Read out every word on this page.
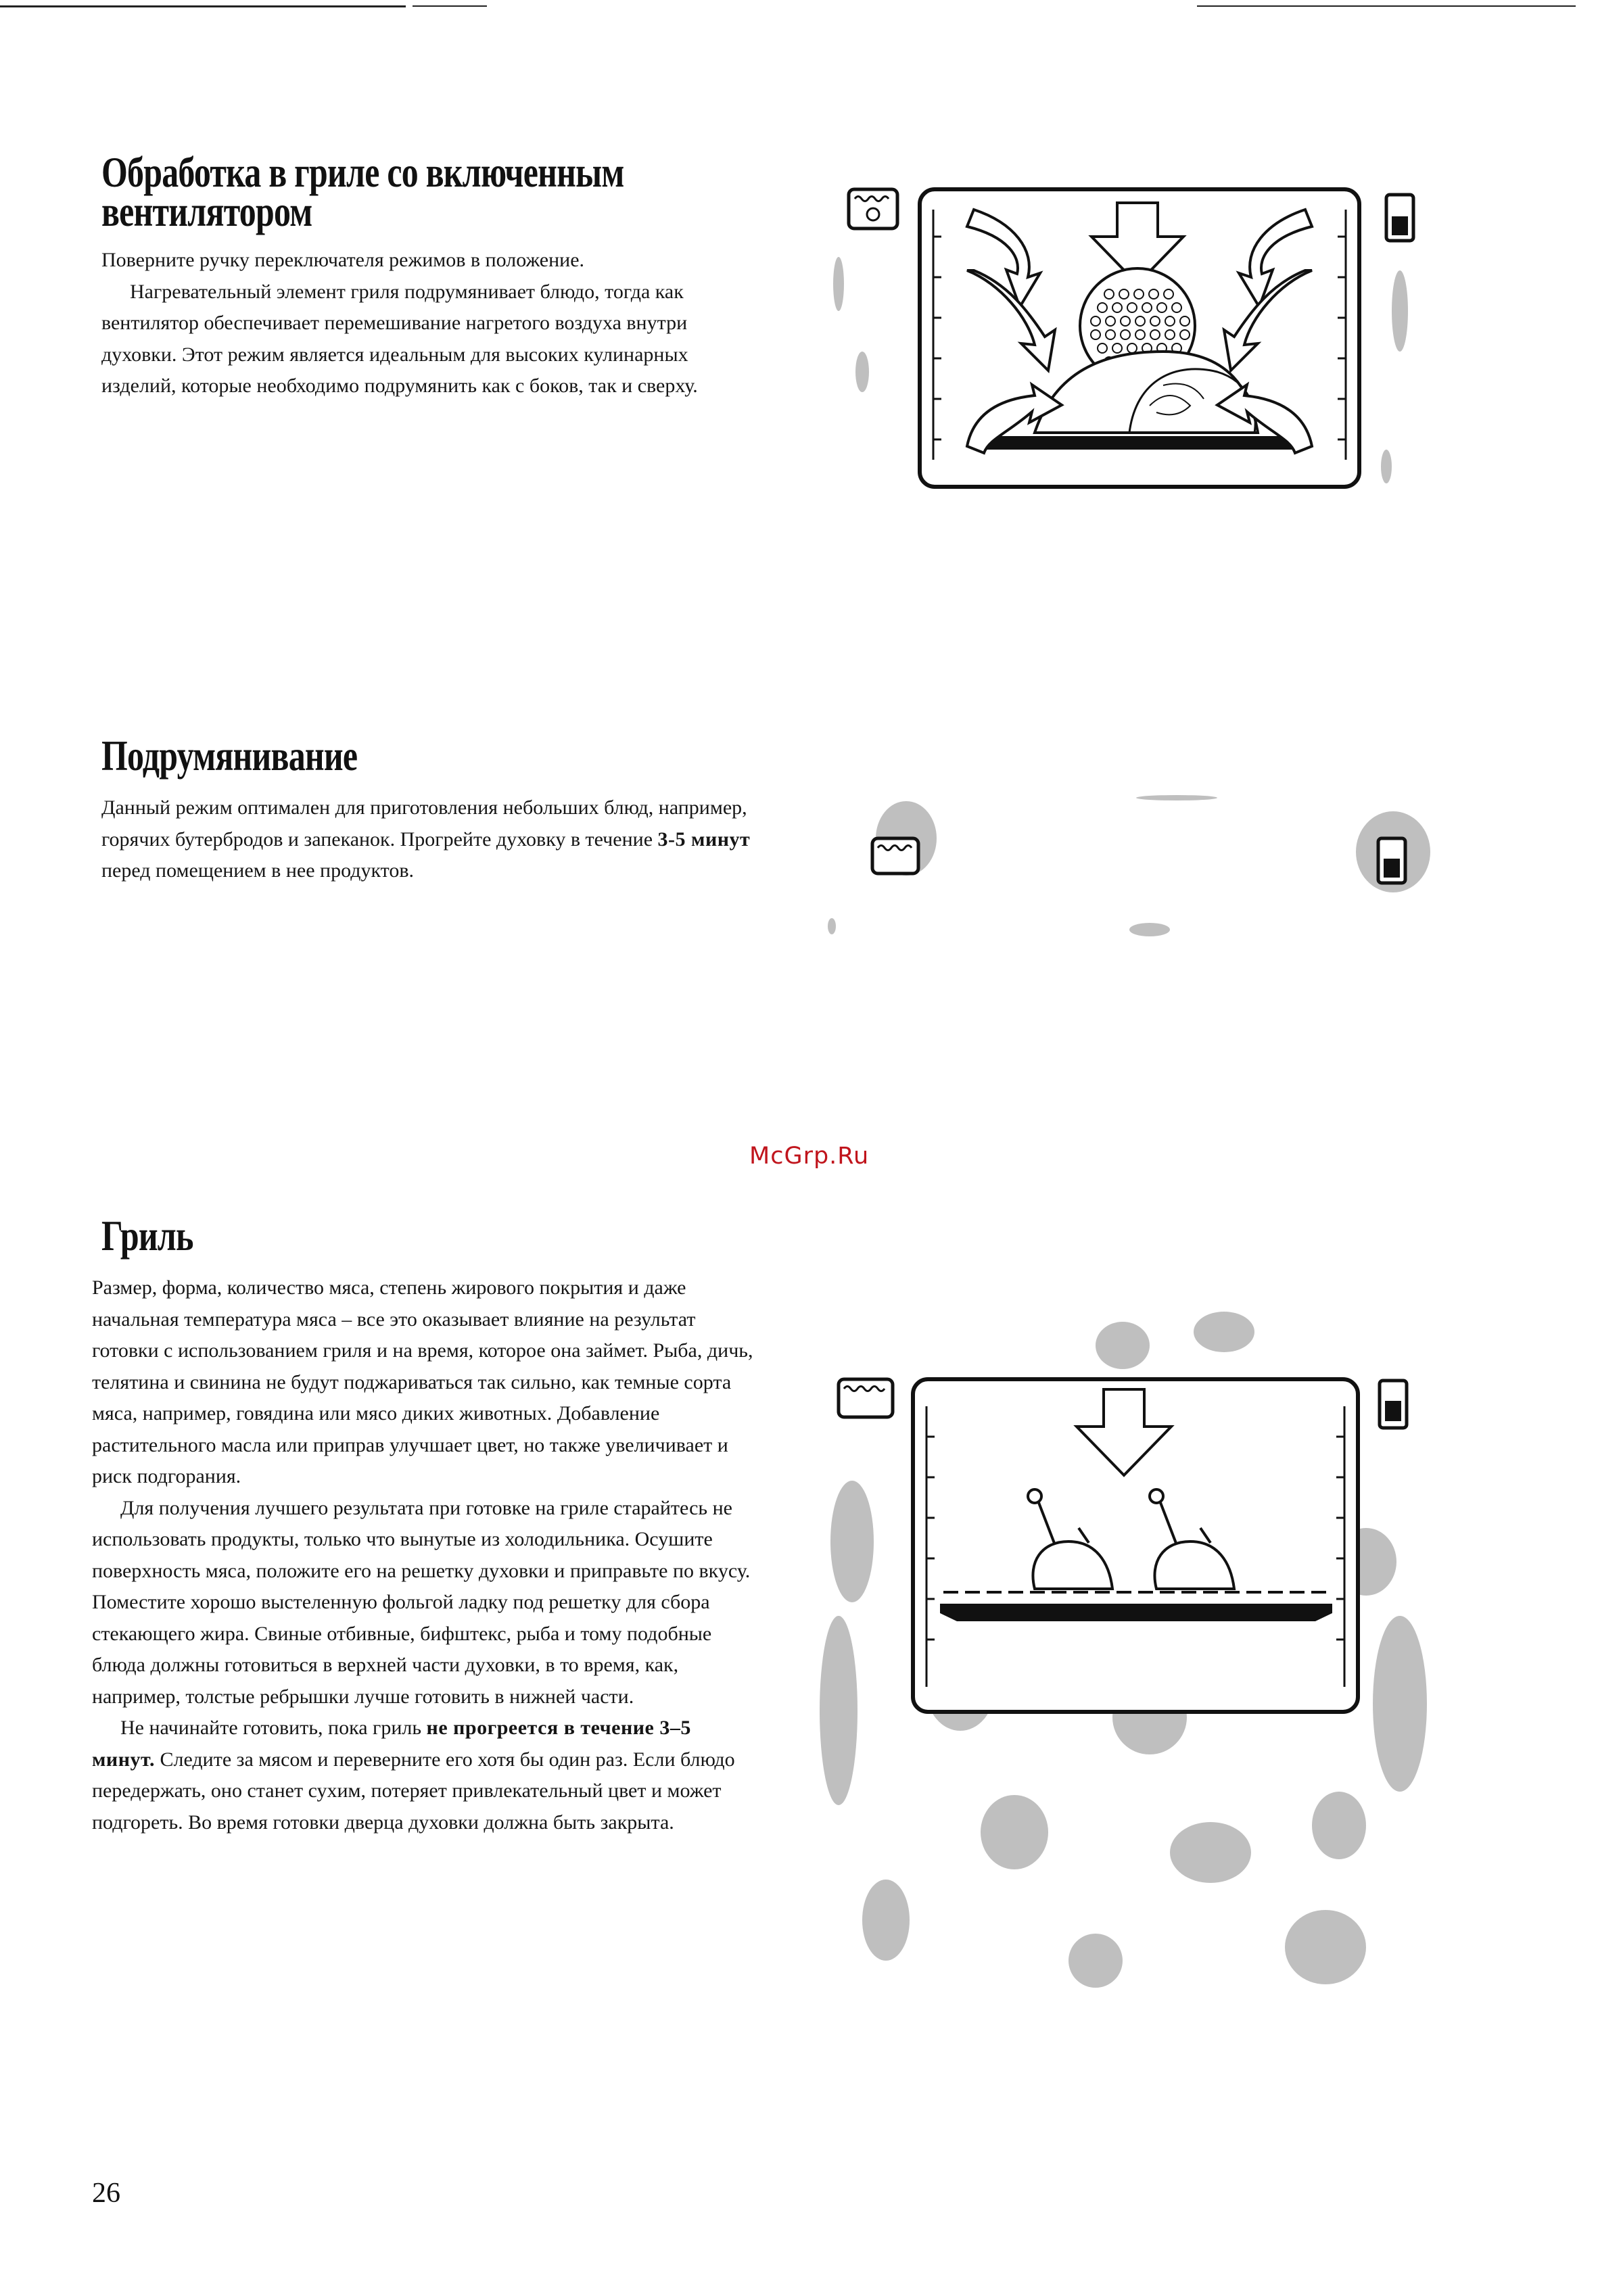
Обработка в гриле со включенным
вентилятором

Поверните ручку переключателя режимов в положение.

Нагревательный элемент гриля подрумянивает блюдо, тогда как вентилятор обеспечивает перемешивание нагретого воздуха внутри духовки. Этот режим является идеальным для высоких кулинарных изделий, которые необходимо подрумянить как с боков, так и сверху.

Подрумянивание

Данный режим оптимален для приготовления небольших блюд, например, горячих бутербродов и запеканок. Прогрейте духовку в течение 3-5 минут перед помещением в нее продуктов.

McGrp.Ru
Гриль

Размер, форма, количество мяса, степень жирового покрытия и даже начальная температура мяса – все это оказывает влияние на результат готовки с использованием гриля и на время, которое она займет. Рыба, дичь, телятина и свинина не будут поджариваться так сильно, как темные сорта мяса, например, говядина или мясо диких животных. Добавление растительного масла или приправ улучшает цвет, но также увеличивает и риск подгорания.

Для получения лучшего результата при готовке на гриле старайтесь не использовать продукты, только что вынутые из холодильника. Осушите поверхность мяса, положите его на решетку духовки и приправьте по вкусу. Поместите хорошо выстеленную фольгой ладку под решетку для сбора стекающего жира. Свиные отбивные, бифштекс, рыба и тому подобные блюда должны готовиться в верхней части духовки, в то время, как, например, толстые ребрышки лучше готовить в нижней части.

Не начинайте готовить, пока гриль не прогреется в течение 3–5 минут. Следите за мясом и переверните его хотя бы один раз. Если блюдо передержать, оно станет сухим, потеряет привлекательный цвет и может подгореть. Во время готовки дверца духовки должна быть закрыта.

26
